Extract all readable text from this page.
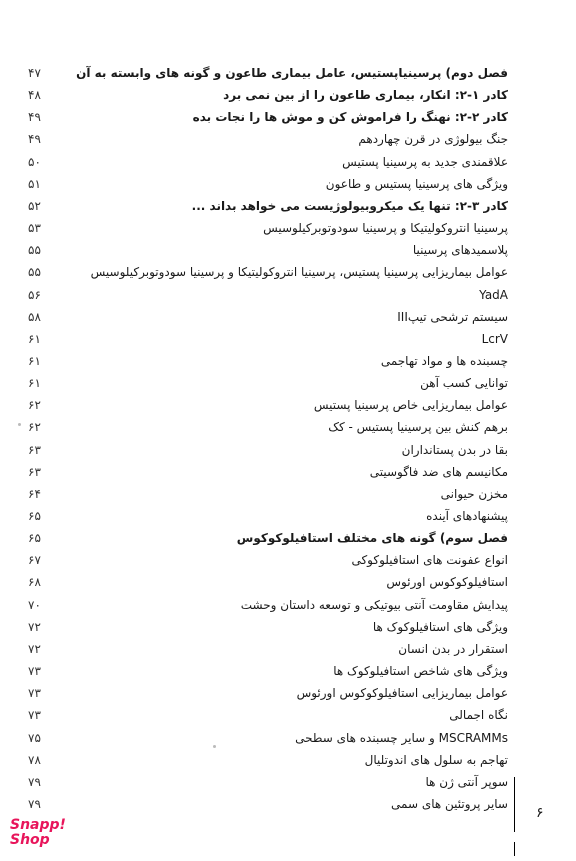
۴۷	فصل دوم) پرسینیاپستیس، عامل بیماری طاعون و گونه های وابسته به آن
۴۸	کادر ۱-۲: انکار، بیماری طاعون را از بین نمی برد
۴۹	کادر ۲-۲: نهنگ را فراموش کن و موش ها را نجات بده
۴۹	جنگ بیولوژی در قرن چهاردهم
۵۰	علاقمندی جدید به پرسینیا پستیس
۵۱	ویژگی های پرسینیا پستیس و طاعون
۵۲	کادر ۳-۲: تنها یک میکروبیولوژیست می خواهد بداند ...
۵۳	پرسینیا انتروکولیتیکا و پرسینیا سودوتوبرکیلوسیس
۵۵	پلاسمیدهای پرسینیا
۵۵	عوامل بیماریزایی پرسینیا پستیس، پرسینیا انتروکولیتیکا و پرسینیا سودوتوبرکیلوسیس
۵۶	YadA
۵۸	سیستم ترشحی تیپIII
۶۱	LcrV
۶۱	چسبنده ها و مواد تهاجمی
۶۱	توانایی کسب آهن
۶۲	عوامل بیماریزایی خاص پرسینیا پستیس
۶۲	برهم کنش بین پرسینیا پستیس - کک
۶۳	بقا در بدن پستانداران
۶۳	مکانیسم های ضد فاگوسیتی
۶۴	مخزن حیوانی
۶۵	پیشنهادهای آینده
۶۵	فصل سوم) گونه های مختلف استافیلوکوکوس
۶۷	انواع عفونت های استافیلوکوکی
۶۸	استافیلوکوکوس اورئوس
۷۰	پیدایش مقاومت آنتی بیوتیکی و توسعه داستان وحشت
۷۲	ویژگی های استافیلوکوک ها
۷۲	استقرار در بدن انسان
۷۳	ویژگی های شاخص استافیلوکوک ها
۷۳	عوامل بیماریزایی استافیلوکوکوس اورئوس
۷۳	نگاه اجمالی
۷۵	MSCRAMMs و سایر چسبنده های سطحی
۷۸	تهاجم به سلول های اندوتلیال
۷۹	سوپر آنتی ژن ها
۷۹	سایر پروتئین های سمی
۶
Snapp!
Shop
